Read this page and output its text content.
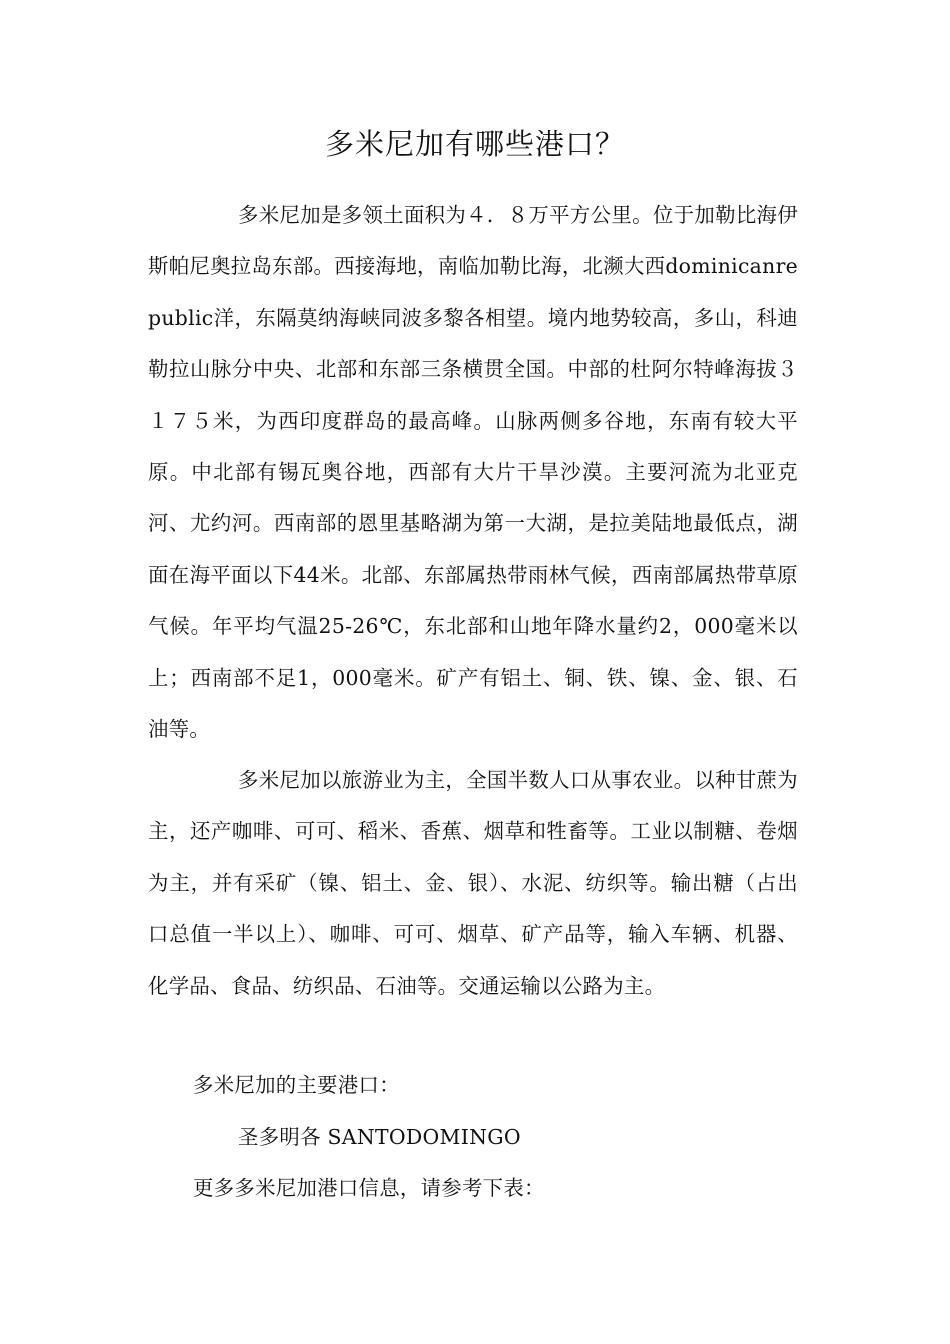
多米尼加有哪些港口？

多米尼加是多领土面积为４．８万平方公里。位于加勒比海伊斯帕尼奥拉岛东部。西接海地，南临加勒比海，北濒大西dominicanrepublic洋，东隔莫纳海峡同波多黎各相望。境内地势较高，多山，科迪勒拉山脉分中央、北部和东部三条横贯全国。中部的杜阿尔特峰海拔３１７５米，为西印度群岛的最高峰。山脉两侧多谷地，东南有较大平原。中北部有锡瓦奥谷地，西部有大片干旱沙漠。主要河流为北亚克河、尤约河。西南部的恩里基略湖为第一大湖，是拉美陆地最低点，湖面在海平面以下44米。北部、东部属热带雨林气候，西南部属热带草原气候。年平均气温25-26℃，东北部和山地年降水量约2，000毫米以上；西南部不足1，000毫米。矿产有铝土、铜、铁、镍、金、银、石油等。

多米尼加以旅游业为主，全国半数人口从事农业。以种甘蔗为主，还产咖啡、可可、稻米、香蕉、烟草和牲畜等。工业以制糖、卷烟为主，并有采矿（镍、铝土、金、银）、水泥、纺织等。输出糖（占出口总值一半以上）、咖啡、可可、烟草、矿产品等，输入车辆、机器、化学品、食品、纺织品、石油等。交通运输以公路为主。

多米尼加的主要港口：

圣多明各 SANTODOMINGO

更多多米尼加港口信息，请参考下表：
